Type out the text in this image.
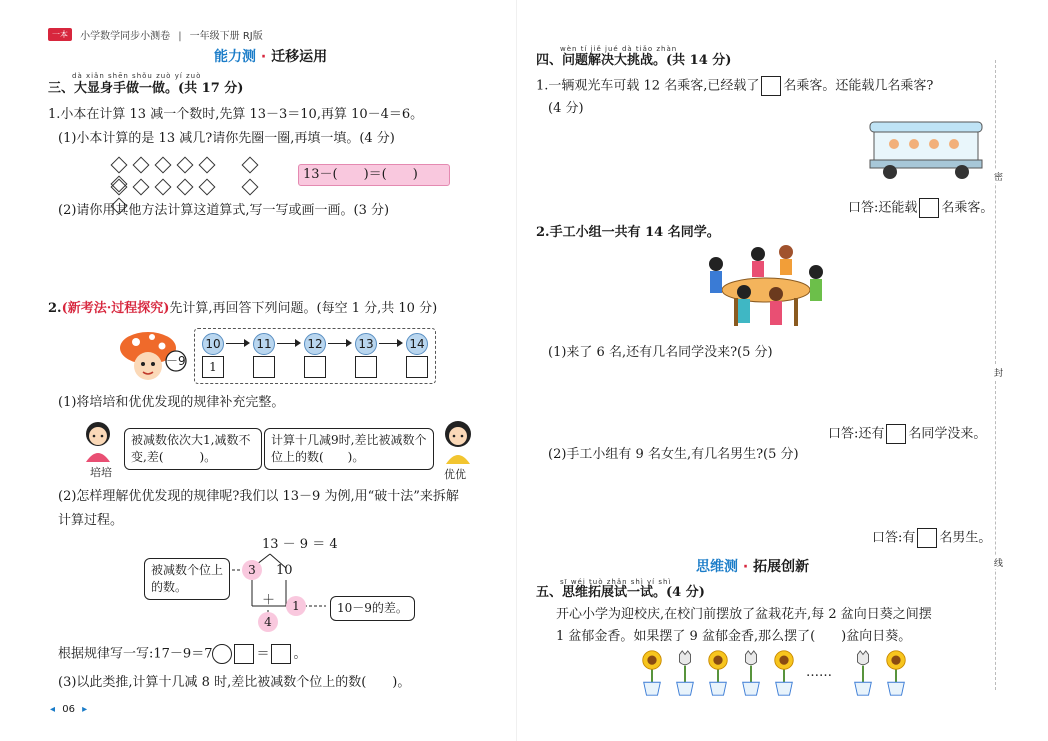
一本 小学数学同步小测卷 | 一年级下册 RJ版
能力测 · 迁移运用
dà xiǎn shēn shǒu zuò yí zuò
三、大显身手做一做。(共 17 分)
1.小本在计算 13 减一个数时,先算 13－3＝10,再算 10－4＝6。
(1)小本计算的是 13 减几?请你先圈一圈,再填一填。(4 分)

13－(　　)＝(　　)
(2)请你用其他方法计算这道算式,写一写或画一画。(3 分)
2.(新考法·过程探究)先计算,再回答下列问题。(每空 1 分,共 10 分)
－9
10
1
11	12	13	14
(1)将培培和优优发现的规律补充完整。
培培
被减数依次大1,减数不变,差(　　　)。
计算十几减9时,差比被减数个位上的数(　　)。
优优
(2)怎样理解优优发现的规律呢?我们以 13－9 为例,用“破十法”来拆解
计算过程。
13 － 9 ＝ 4
被减数个位上的数。
3	10
＋	1
4
10－9的差。
根据规律写一写:17－9＝7	＝ 。
(3)以此类推,计算十几减 8 时,差比被减数个位上的数(　　)。
◂ 06 ▸
wèn tí jiě jué dà tiǎo zhàn
四、问题解决大挑战。(共 14 分)
1.一辆观光车可载 12 名乘客,已经载了 名乘客。还能载几名乘客?
(4 分)
口答:还能载 名乘客。
2.手工小组一共有 14 名同学。
(1)来了 6 名,还有几名同学没来?(5 分)
口答:还有 名同学没来。
(2)手工小组有 9 名女生,有几名男生?(5 分)
口答:有 名男生。
思维测 · 拓展创新
sī wéi tuò zhǎn shì yí shì
五、思维拓展试一试。(4 分)
开心小学为迎校庆,在校门前摆放了盆栽花卉,每 2 盆向日葵之间摆
1 盆郁金香。如果摆了 9 盆郁金香,那么摆了(　　)盆向日葵。
……
密
封
线
